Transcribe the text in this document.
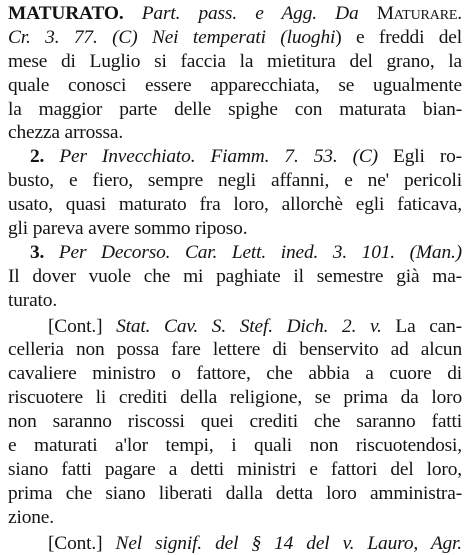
MATURATO. Part. pass. e Agg. Da Maturare.
Cr. 3. 77. (C) Nei temperati (luoghi) e freddi del
mese di Luglio si faccia la mietitura del grano, la
quale conosci essere apparecchiata, se ugualmente
la maggior parte delle spighe con maturata bian-
chezza arrossa.
2. Per Invecchiato. Fiamm. 7. 53. (C) Egli ro-
busto, e fiero, sempre negli affanni, e ne' pericoli
usato, quasi maturato fra loro, allorchè egli faticava,
gli pareva avere sommo riposo.
3. Per Decorso. Car. Lett. ined. 3. 101. (Man.)
Il dover vuole che mi paghiate il semestre già ma-
turato.
[Cont.] Stat. Cav. S. Stef. Dich. 2. v. La can-
celleria non possa fare lettere di benservito ad alcun
cavaliere ministro o fattore, che abbia a cuore di
riscuotere li crediti della religione, se prima da loro
non saranno riscossi quei crediti che saranno fatti
e maturati a'lor tempi, i quali non riscuotendosi,
siano fatti pagare a detti ministri e fattori del loro,
prima che siano liberati dalla detta loro amministra-
zione.
[Cont.] Nel signif. del § 14 del v. Lauro, Agr.
